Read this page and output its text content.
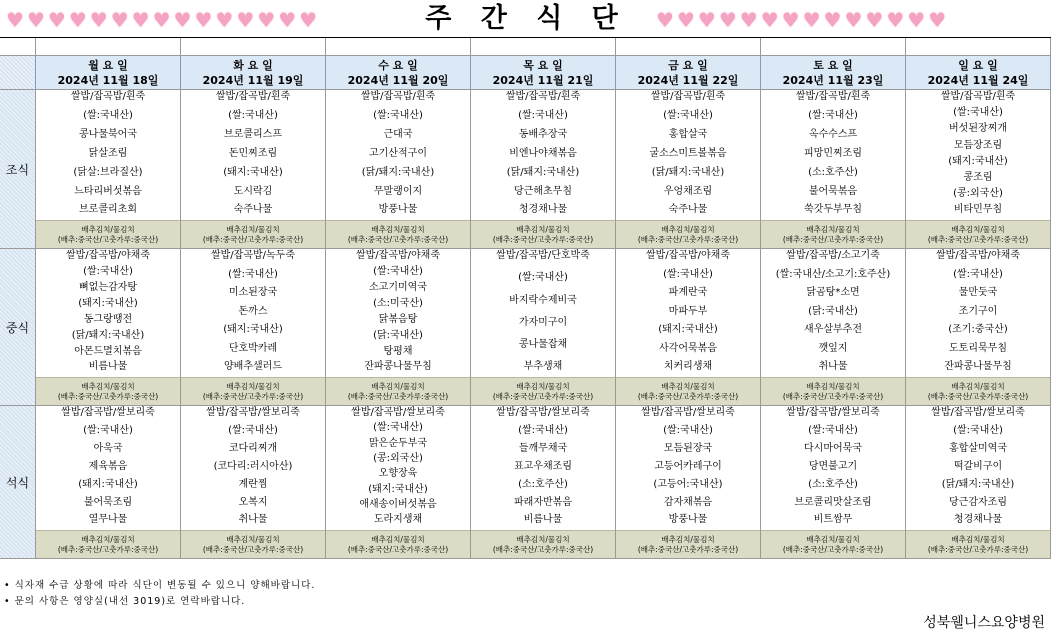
♥ ♥ ♥ ♥ ♥ ♥ ♥ ♥ ♥ ♥ ♥ ♥ ♥ ♥ ♥	주 간 식 단	♥ ♥ ♥ ♥ ♥ ♥ ♥ ♥ ♥ ♥ ♥ ♥ ♥ ♥
월 요 일
2024년 11월 18일
화 요 일
2024년 11월 19일
수 요 일
2024년 11월 20일
목 요 일
2024년 11월 21일
금 요 일
2024년 11월 22일
토 요 일
2024년 11월 23일
일 요 일
2024년 11월 24일
조식
쌀밥/잡곡밥/흰죽
(쌀:국내산)
콩나물북어국
닭살조림
(닭살:브라질산)
느타리버섯볶음
브로콜리초회
배추김치/물김치
(배추:중국산/고춧가루:중국산)
쌀밥/잡곡밥/흰죽
(쌀:국내산)
브로콜리스프
돈민찌조림
(돼지:국내산)
도시락김
숙주나물
배추김치/물김치
(배추:중국산/고춧가루:중국산)
쌀밥/잡곡밥/흰죽
(쌀:국내산)
근대국
고기산적구이
(닭/돼지:국내산)
무말랭이지
방풍나물
배추김치/물김치
(배추:중국산/고춧가루:중국산)
쌀밥/잡곡밥/흰죽
(쌀:국내산)
동배추장국
비엔나야채볶음
(닭/돼지:국내산)
당근해초무침
청경채나물
배추김치/물김치
(배추:중국산/고춧가루:중국산)
쌀밥/잡곡밥/흰죽
(쌀:국내산)
홍합살국
굴소스미트볼볶음
(닭/돼지:국내산)
우엉채조림
숙주나물
배추김치/물김치
(배추:중국산/고춧가루:중국산)
쌀밥/잡곡밥/흰죽
(쌀:국내산)
옥수수스프
피망민찌조림
(소:호주산)
불어묵볶음
쑥갓두부무침
배추김치/물김치
(배추:중국산/고춧가루:중국산)
쌀밥/잡곡밥/흰죽
(쌀:국내산)
버섯된장찌개
모듬장조림
(돼지:국내산)
콩조림
(콩:외국산)
비타민무침
배추김치/물김치
(배추:중국산/고춧가루:중국산)
중식
쌀밥/잡곡밥/야채죽
(쌀:국내산)
뼈없는감자탕
(돼지:국내산)
동그랑땡전
(닭/돼지:국내산)
아몬드멸치볶음
비름나물
배추김치/물김치
(배추:중국산/고춧가루:중국산)
쌀밥/잡곡밥/녹두죽
(쌀:국내산)
미소된장국
돈까스
(돼지:국내산)
단호박카레
양배추샐러드
배추김치/물김치
(배추:중국산/고춧가루:중국산)
쌀밥/잡곡밥/야채죽
(쌀:국내산)
소고기미역국
(소:미국산)
닭볶음탕
(닭:국내산)
탕평채
잔파콩나물무침
배추김치/물김치
(배추:중국산/고춧가루:중국산)
쌀밥/잡곡밥/단호박죽
(쌀:국내산)
바지락수제비국
가자미구이
콩나물잡채
부추생채
배추김치/물김치
(배추:중국산/고춧가루:중국산)
쌀밥/잡곡밥/야채죽
(쌀:국내산)
파계란국
마파두부
(돼지:국내산)
사각어묵볶음
치커리생채
배추김치/물김치
(배추:중국산/고춧가루:중국산)
쌀밥/잡곡밥/소고기죽
(쌀:국내산/소고기:호주산)
닭곰탕*소면
(닭:국내산)
새우살부추전
깻잎지
취나물
배추김치/물김치
(배추:중국산/고춧가루:중국산)
쌀밥/잡곡밥/야채죽
(쌀:국내산)
물만둣국
조기구이
(조기:중국산)
도토리묵무침
잔파콩나물무침
배추김치/물김치
(배추:중국산/고춧가루:중국산)
석식
쌀밥/잡곡밥/쌀보리죽
(쌀:국내산)
아욱국
제육볶음
(돼지:국내산)
불어묵조림
열무나물
배추김치/물김치
(배추:중국산/고춧가루:중국산)
쌀밥/잡곡밥/쌀보리죽
(쌀:국내산)
코다리찌개
(코다리:러시아산)
계란찜
오복지
취나물
배추김치/물김치
(배추:중국산/고춧가루:중국산)
쌀밥/잡곡밥/쌀보리죽
(쌀:국내산)
맑은순두부국
(콩:외국산)
오향장육
(돼지:국내산)
애새송이버섯볶음
도라지생채
배추김치/물김치
(배추:중국산/고춧가루:중국산)
쌀밥/잡곡밥/쌀보리죽
(쌀:국내산)
들깨무채국
표고우채조림
(소:호주산)
파래자반볶음
비름나물
배추김치/물김치
(배추:중국산/고춧가루:중국산)
쌀밥/잡곡밥/쌀보리죽
(쌀:국내산)
모듬된장국
고등어카레구이
(고등어:국내산)
감자채볶음
방풍나물
배추김치/물김치
(배추:중국산/고춧가루:중국산)
쌀밥/잡곡밥/쌀보리죽
(쌀:국내산)
다시마어묵국
당면불고기
(소:호주산)
브로콜리맛살조림
비트쌈무
배추김치/물김치
(배추:중국산/고춧가루:중국산)
쌀밥/잡곡밥/쌀보리죽
(쌀:국내산)
홍합살미역국
떡갈비구이
(닭/돼지:국내산)
당근감자조림
청경채나물
배추김치/물김치
(배추:중국산/고춧가루:중국산)
• 식자재 수급 상황에 따라 식단이 변동될 수 있으니 양해바랍니다.
• 문의 사항은 영양실(내선 3019)로 연락바랍니다.
성북웰니스요양병원
